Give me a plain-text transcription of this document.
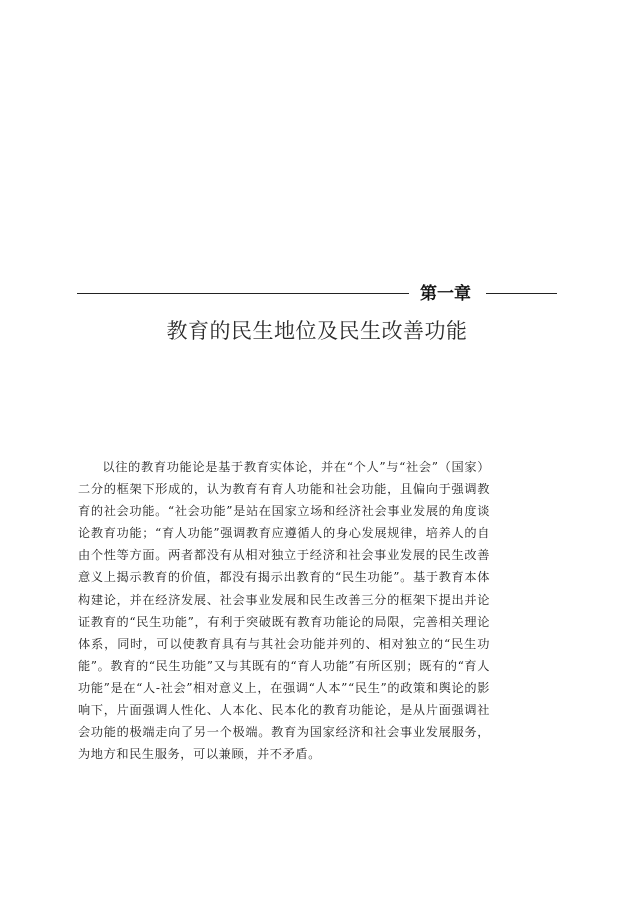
第一章
教育的民生地位及民生改善功能

以往的教育功能论是基于教育实体论，并在“个人”与“社会”（国家）二分的框架下形成的，认为教育有育人功能和社会功能，且偏向于强调教育的社会功能。“社会功能”是站在国家立场和经济社会事业发展的角度谈论教育功能；“育人功能”强调教育应遵循人的身心发展规律，培养人的自由个性等方面。两者都没有从相对独立于经济和社会事业发展的民生改善意义上揭示教育的价值，都没有揭示出教育的“民生功能”。基于教育本体构建论，并在经济发展、社会事业发展和民生改善三分的框架下提出并论证教育的“民生功能”，有利于突破既有教育功能论的局限，完善相关理论体系，同时，可以使教育具有与其社会功能并列的、相对独立的“民生功能”。教育的“民生功能”又与其既有的“育人功能”有所区别；既有的“育人功能”是在“人-社会”相对意义上，在强调“人本”“民生”的政策和舆论的影响下，片面强调人性化、人本化、民本化的教育功能论，是从片面强调社会功能的极端走向了另一个极端。教育为国家经济和社会事业发展服务，为地方和民生服务，可以兼顾，并不矛盾。
